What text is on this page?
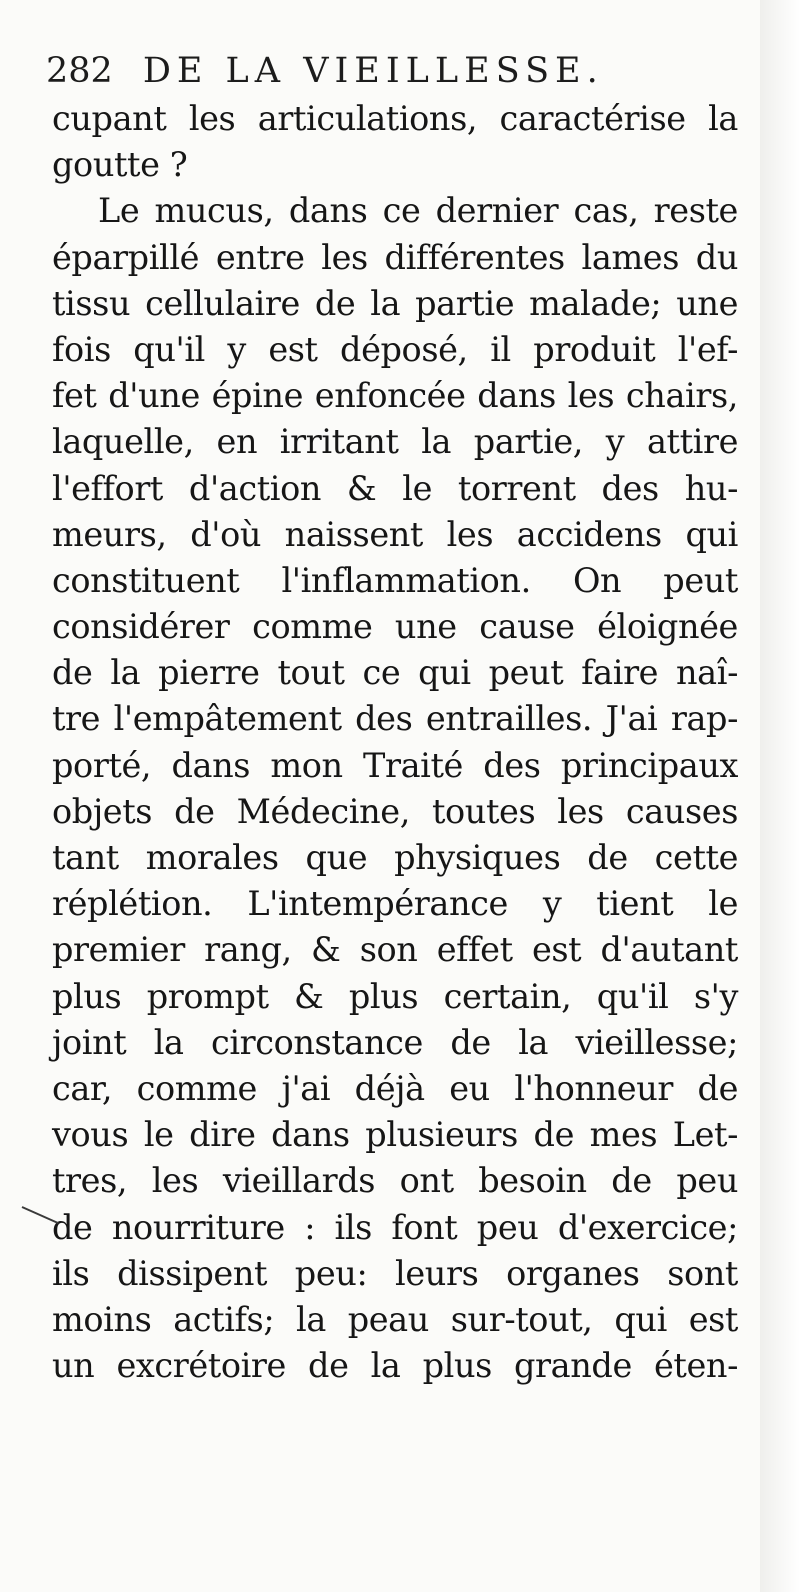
282 DE LA VIEILLESSE.
cupant les articulations, caractérise la
goutte ?
Le mucus, dans ce dernier cas, reste
éparpillé entre les différentes lames du
tissu cellulaire de la partie malade; une
fois qu'il y est déposé, il produit l'ef-
fet d'une épine enfoncée dans les chairs,
laquelle, en irritant la partie, y attire
l'effort d'action & le torrent des hu-
meurs, d'où naissent les accidens qui
constituent l'inflammation. On peut
considérer comme une cause éloignée
de la pierre tout ce qui peut faire naî-
tre l'empâtement des entrailles. J'ai rap-
porté, dans mon Traité des principaux
objets de Médecine, toutes les causes
tant morales que physiques de cette
réplétion. L'intempérance y tient le
premier rang, & son effet est d'autant
plus prompt & plus certain, qu'il s'y
joint la circonstance de la vieillesse;
car, comme j'ai déjà eu l'honneur de
vous le dire dans plusieurs de mes Let-
tres, les vieillards ont besoin de peu
de nourriture : ils font peu d'exercice;
ils dissipent peu: leurs organes sont
moins actifs; la peau sur-tout, qui est
un excrétoire de la plus grande éten-
